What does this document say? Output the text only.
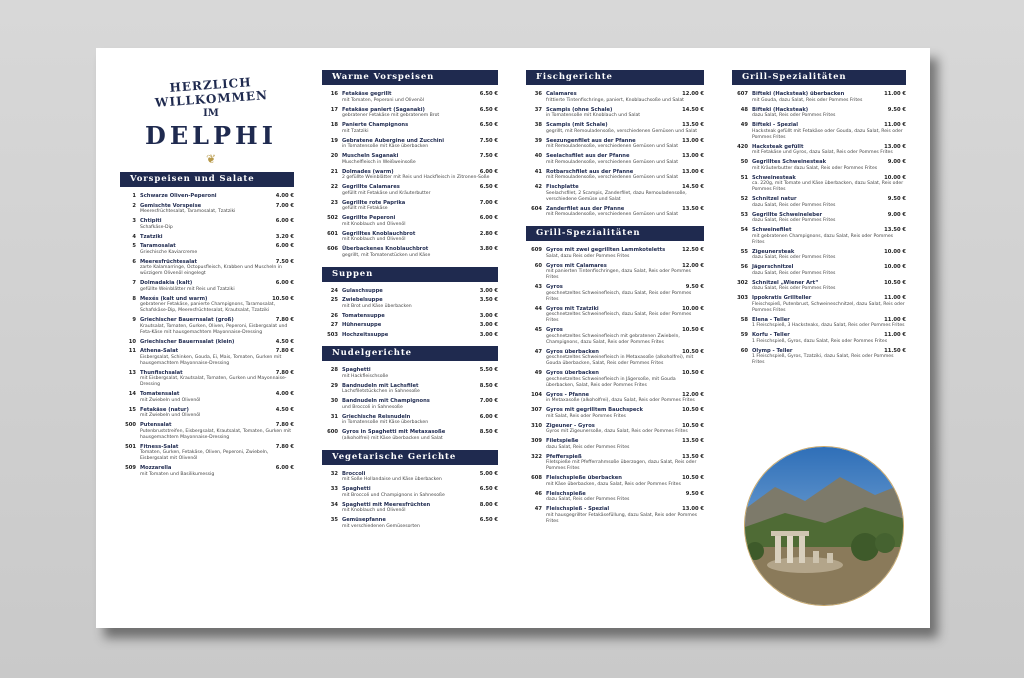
HERZLICH WILLKOMMEN
IM
DELPHI
❦
Vorspeisen und Salate
1 Schwarze Oliven-Peperoni	4.00 €
2 Gemischte Vorspeise	7.00 €
Meeresfrüchtesalat, Taramosalat, Tzatziki
3 Chtipiti	6.00 €
Schafkäse-Dip
4 Tzatziki	3.20 €
5 Taramosalat	6.00 €
Griechische Kaviarcreme
6 Meeresfrüchtesalat	7.50 €
zarte Kalamarringe, Octopusfleisch, Krabben und Muscheln in würzigem Olivenöl eingelegt
7 Dolmadakia (kalt)	6.00 €
gefüllte Weinblätter mit Reis und Tzatziki
8 Mexés (kalt und warm)	10.50 €
gebratener Fetakäse, panierte Champignons, Taramosalat, Schafskäse-Dip, Meeresfrüchtesalat, Krautsalat, Tzatziki
9 Griechischer Bauernsalat (groß)	7.80 €
Krautsalat, Tomaten, Gurken, Oliven, Peperoni, Eisbergsalat und Feta-Käse mit hausgemachtem Mayonnaise-Dressing
10 Griechischer Bauernsalat (klein)	4.50 €
11 Athena-Salat	7.80 €
Eisbergsalat, Schinken, Gouda, Ei, Mais, Tomaten, Gurken mit hausgemachtem Mayonnaise-Dressing
13 Thunfischsalat	7.80 €
mit Eisbergsalat, Krautsalat, Tomaten, Gurken und Mayonnaise-Dressing
14 Tomatensalat	4.00 €
mit Zwiebeln und Olivenöl
15 Fetakäse (natur)	4.50 €
mit Zwiebeln und Olivenöl
500 Putensalat	7.80 €
Putenbruststreifen, Eisbergsalat, Krautsalat, Tomaten, Gurken mit hausgemachtem Mayonnaise-Dressing
501 Fitness-Salat	7.80 €
Tomaten, Gurken, Fetakäse, Oliven, Peperoni, Zwiebeln, Eisbergsalat mit Olivenöl
509 Mozzarella	6.00 €
mit Tomaten und Basilikumessig
Warme Vorspeisen
16 Fetakäse gegrillt	6.50 €
mit Tomaten, Peperoni und Olivenöl
17 Fetakäse paniert (Saganaki)	6.50 €
gebratener Fetakäse mit gebratenem Brot
18 Panierte Champignons	6.50 €
mit Tzatziki
19 Gebratene Aubergine und Zucchini	7.50 €
in Tomatensoße mit Käse überbacken
20 Muscheln Saganaki	7.50 €
Muschelfleisch in Weißweinsoße
21 Dolmades (warm)	6.00 €
2 gefüllte Weinblätter mit Reis und Hackfleisch in Zitronen-Soße
22 Gegrillte Calamares	6.50 €
gefüllt mit Fetakäse und Kräuterbutter
23 Gegrillte rote Paprika	7.00 €
gefüllt mit Fetakäse
502 Gegrillte Peperoni	6.00 €
mit Knoblauch und Olivenöl
601 Gegrilltes Knoblauchbrot	2.80 €
mit Knoblauch und Olivenöl
606 Überbackenes Knoblauchbrot	3.80 €
gegrillt, mit Tomatenstücken und Käse
Suppen
24 Gulaschsuppe	3.00 €
25 Zwiebelsuppe	3.50 €
mit Brot und Käse überbacken
26 Tomatensuppe	3.00 €
27 Hühnersuppe	3.00 €
503 Hochzeitssuppe	3.00 €
Nudelgerichte
28 Spaghetti	5.50 €
mit Hackfleischsoße
29 Bandnudeln mit Lachsfilet	8.50 €
Lachsfiletstückchen in Sahnesoße
30 Bandnudeln mit Champignons	7.00 €
und Broccoli in Sahnesoße
31 Griechische Reisnudeln	6.00 €
in Tomatensoße mit Käse überbacken
600 Gyros in Spaghetti mit Metaxasoße	8.50 €
(alkoholfrei) mit Käse überbacken und Salat
Vegetarische Gerichte
32 Broccoli	5.00 €
mit Soße Hollandaise und Käse überbacken
33 Spaghetti	6.50 €
mit Broccoli und Champignons in Sahnesoße
34 Spaghetti mit Meeresfrüchten	8.00 €
mit Knoblauch und Olivenöl
35 Gemüsepfanne	6.50 €
mit verschiedenen Gemüsesorten
Fischgerichte
36 Calamares	12.00 €
frittierte Tintenfischringe, paniert, Knoblauchsoße und Salat
37 Scampis (ohne Schale)	14.50 €
in Tomatensoße mit Knoblauch und Salat
38 Scampis (mit Schale)	13.50 €
gegrillt, mit Remouladensoße, verschiedenen Gemüsen und Salat
39 Seezungenfilet aus der Pfanne	13.00 €
mit Remouladensoße, verschiedenen Gemüsen und Salat
40 Seelachsfilet aus der Pfanne	13.00 €
mit Remouladensoße, verschiedenen Gemüsen und Salat
41 Rotbarschfilet aus der Pfanne	13.00 €
mit Remouladensoße, verschiedenen Gemüsen und Salat
42 Fischplatte	14.50 €
Seelachsfilet, 2 Scampis, Zanderfilet, dazu Remouladensoße, verschiedene Gemüse und Salat
604 Zanderfilet aus der Pfanne	13.50 €
mit Remouladensoße, verschiedenen Gemüsen und Salat
Grill-Spezialitäten
609 Gyros mit zwei gegrillten Lammkoteletts	12.50 €
Salat, dazu Reis oder Pommes Frites
60 Gyros mit Calamares	12.00 €
mit panierten Tintenfischringen, dazu Salat, Reis oder Pommes Frites
43 Gyros	9.50 €
geschnetzeltes Schweinefleisch, dazu Salat, Reis oder Pommes Frites
44 Gyros mit Tzatziki	10.00 €
geschnetzeltes Schweinefleisch, dazu Salat, Reis oder Pommes Frites
45 Gyros	10.50 €
geschnetzeltes Schweinefleisch mit gebratenen Zwiebeln, Champignons, dazu Salat, Reis oder Pommes Frites
47 Gyros überbacken	10.50 €
geschnetzeltes Schweinefleisch in Metaxasoße (alkoholfrei), mit Gouda überbacken, Salat, Reis oder Pommes Frites
49 Gyros überbacken	10.50 €
geschnetzeltes Schweinefleisch in Jägersoße, mit Gouda überbacken, Salat, Reis oder Pommes Frites
104 Gyros - Pfanne	12.00 €
in Metaxasoße (alkoholfrei), dazu Salat, Reis oder Pommes Frites
307 Gyros mit gegrilltem Bauchspeck	10.50 €
mit Salat, Reis oder Pommes Frites
310 Zigeuner - Gyros	10.50 €
Gyros mit Zigeunersoße, dazu Salat, Reis oder Pommes Frites
309 Filetspieße	13.50 €
dazu Salat, Reis oder Pommes Frites
322 Pfefferspieß	13.50 €
Filetspieße mit Pfefferrahmsoße überzogen, dazu Salat, Reis oder Pommes Frites
608 Fleischspieße überbacken	10.50 €
mit Käse überbacken, dazu Salat, Reis oder Pommes Frites
46 Fleischspieße	9.50 €
dazu Salat, Reis oder Pommes Frites
47 Fleischspieß - Spezial	13.00 €
mit hausgegrillter Fetakäsefüllung, dazu Salat, Reis oder Pommes Frites
Grill-Spezialitäten
607 Bifteki (Hacksteak) überbacken	11.00 €
mit Gouda, dazu Salat, Reis oder Pommes Frites
48 Bifteki (Hacksteak)	9.50 €
dazu Salat, Reis oder Pommes Frites
49 Bifteki - Spezial	11.00 €
Hacksteak gefüllt mit Fetakäse oder Gouda, dazu Salat, Reis oder Pommes Frites
420 Hacksteak gefüllt	13.00 €
mit Fetakäse und Gyros, dazu Salat, Reis oder Pommes Frites
50 Gegrilltes Schweinesteak	9.00 €
mit Kräuterbutter dazu Salat, Reis oder Pommes Frites
51 Schweinesteak	10.00 €
ca. 220g, mit Tomate und Käse überbacken, dazu Salat, Reis oder Pommes Frites
52 Schnitzel natur	9.50 €
dazu Salat, Reis oder Pommes Frites
53 Gegrillte Schweineleber	9.00 €
dazu Salat, Reis oder Pommes Frites
54 Schweinefilet	13.50 €
mit gebratenen Champignons, dazu Salat, Reis oder Pommes Frites
55 Zigeunersteak	10.00 €
dazu Salat, Reis oder Pommes Frites
56 Jägerschnitzel	10.00 €
dazu Salat, Reis oder Pommes Frites
302 Schnitzel „Wiener Art“	10.50 €
dazu Salat, Reis oder Pommes Frites
303 Ippokratis Grillteller	11.00 €
Fleischspieß, Putenbrust, Schweineschnitzel, dazu Salat, Reis oder Pommes Frites
58 Elena - Teller	11.00 €
1 Fleischspieß, 3 Hacksteaks, dazu Salat, Reis oder Pommes Frites
59 Korfu - Teller	11.00 €
1 Fleischspieß, Gyros, dazu Salat, Reis oder Pommes Frites
60 Olymp - Teller	11.50 €
1 Fleischspieß, Gyros, Tzatziki, dazu Salat, Reis oder Pommes Frites
